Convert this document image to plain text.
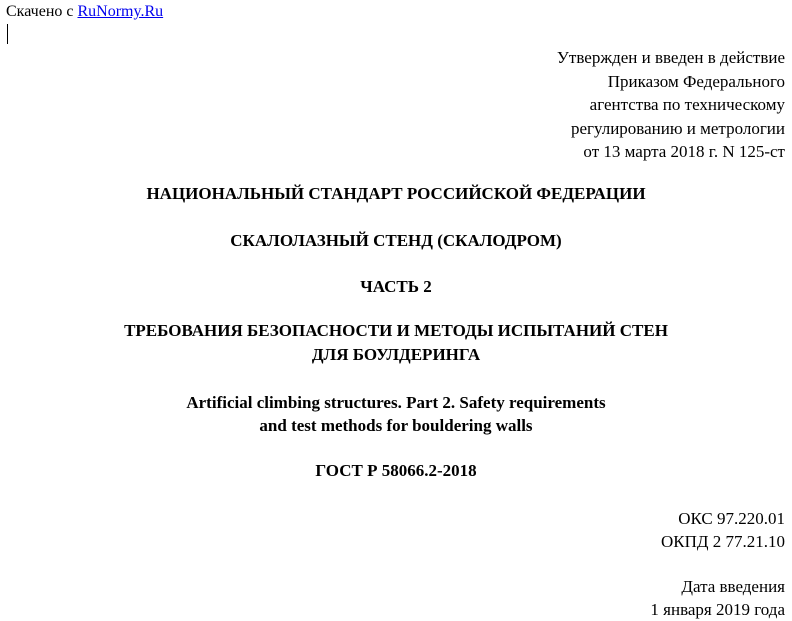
Скачено с RuNormy.Ru
Утвержден и введен в действие
Приказом Федерального
агентства по техническому
регулированию и метрологии
от 13 марта 2018 г. N 125-ст
НАЦИОНАЛЬНЫЙ СТАНДАРТ РОССИЙСКОЙ ФЕДЕРАЦИИ
СКАЛОЛАЗНЫЙ СТЕНД (СКАЛОДРОМ)
ЧАСТЬ 2
ТРЕБОВАНИЯ БЕЗОПАСНОСТИ И МЕТОДЫ ИСПЫТАНИЙ СТЕН
ДЛЯ БОУЛДЕРИНГА
Artificial climbing structures. Part 2. Safety requirements
and test methods for bouldering walls
ГОСТ Р 58066.2-2018
ОКС 97.220.01
ОКПД 2 77.21.10
Дата введения
1 января 2019 года
